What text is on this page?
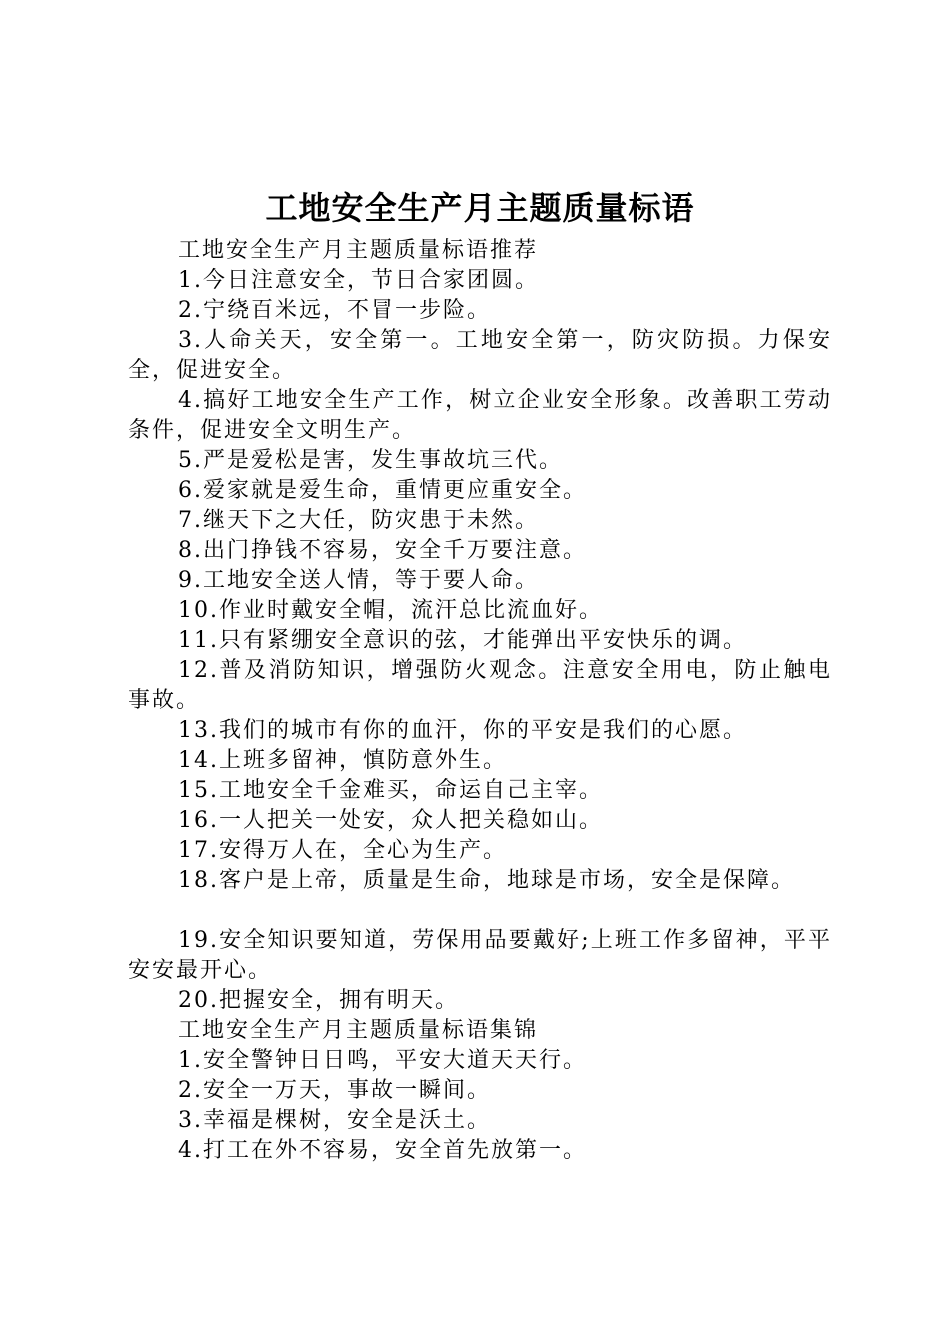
工地安全生产月主题质量标语

工地安全生产月主题质量标语推荐

1.今日注意安全，节日合家团圆。

2.宁绕百米远，不冒一步险。

3.人命关天，安全第一。工地安全第一，防灾防损。力保安全，促进安全。

4.搞好工地安全生产工作，树立企业安全形象。改善职工劳动条件，促进安全文明生产。

5.严是爱松是害，发生事故坑三代。

6.爱家就是爱生命，重情更应重安全。

7.继天下之大任，防灾患于未然。

8.出门挣钱不容易，安全千万要注意。

9.工地安全送人情，等于要人命。

10.作业时戴安全帽，流汗总比流血好。

11.只有紧绷安全意识的弦，才能弹出平安快乐的调。

12.普及消防知识，增强防火观念。注意安全用电，防止触电事故。

13.我们的城市有你的血汗，你的平安是我们的心愿。

14.上班多留神，慎防意外生。

15.工地安全千金难买，命运自己主宰。

16.一人把关一处安，众人把关稳如山。

17.安得万人在，全心为生产。

18.客户是上帝，质量是生命，地球是市场，安全是保障。

19.安全知识要知道，劳保用品要戴好;上班工作多留神，平平安安最开心。

20.把握安全，拥有明天。

工地安全生产月主题质量标语集锦

1.安全警钟日日鸣，平安大道天天行。

2.安全一万天，事故一瞬间。

3.幸福是棵树，安全是沃土。

4.打工在外不容易，安全首先放第一。
